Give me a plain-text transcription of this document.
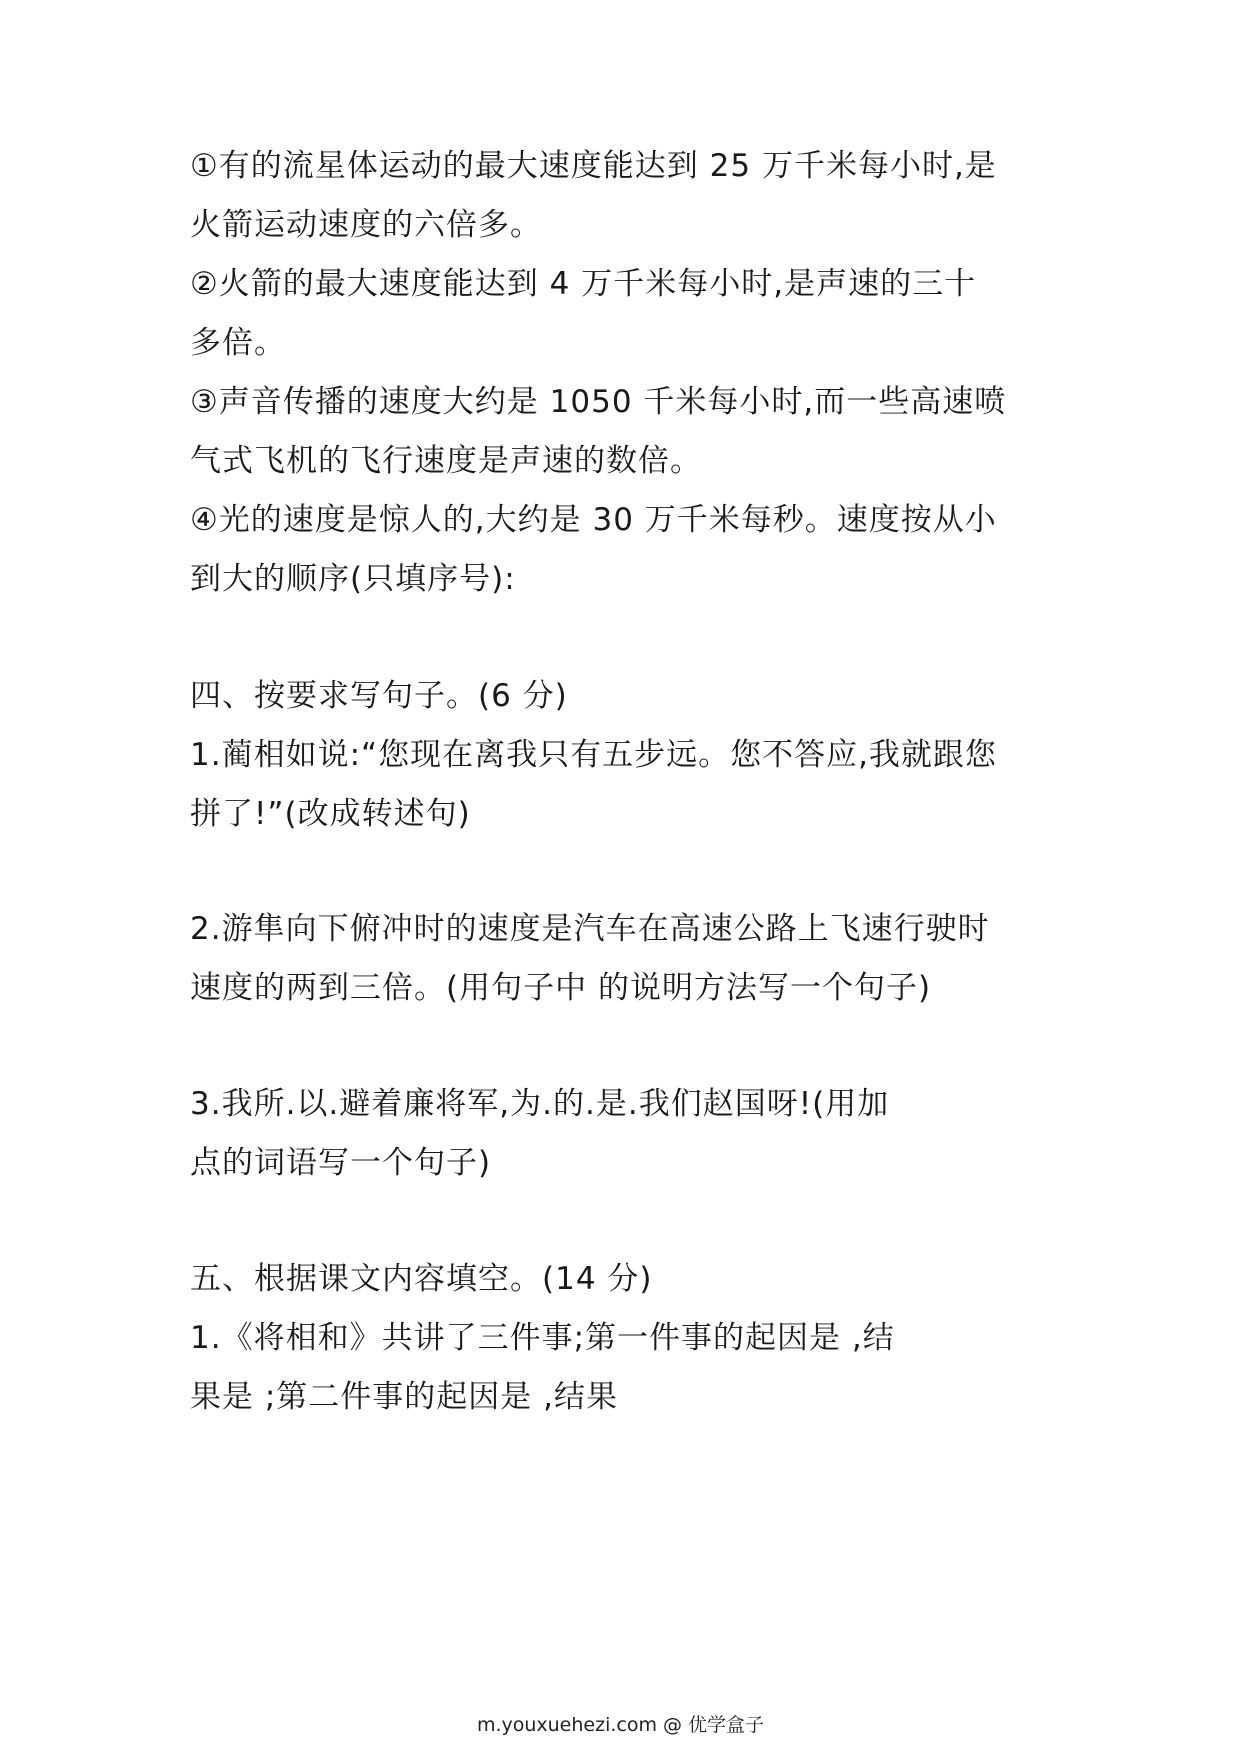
①有的流星体运动的最大速度能达到 25 万千米每小时,是
火箭运动速度的六倍多。
②火箭的最大速度能达到 4 万千米每小时,是声速的三十
多倍。
③声音传播的速度大约是 1050 千米每小时,而一些高速喷
气式飞机的飞行速度是声速的数倍。
④光的速度是惊人的,大约是 30 万千米每秒。速度按从小
到大的顺序(只填序号):
四、按要求写句子。(6 分)
1.蔺相如说:“您现在离我只有五步远。您不答应,我就跟您
拼了!”(改成转述句)
2.游隼向下俯冲时的速度是汽车在高速公路上飞速行驶时
速度的两到三倍。(用句子中 的说明方法写一个句子)
3.我所.以.避着廉将军,为.的.是.我们赵国呀!(用加
点的词语写一个句子)
五、根据课文内容填空。(14 分)
1.《将相和》共讲了三件事;第一件事的起因是 ,结
果是 ;第二件事的起因是 ,结果
m.youxuehezi.com @ 优学盒子
